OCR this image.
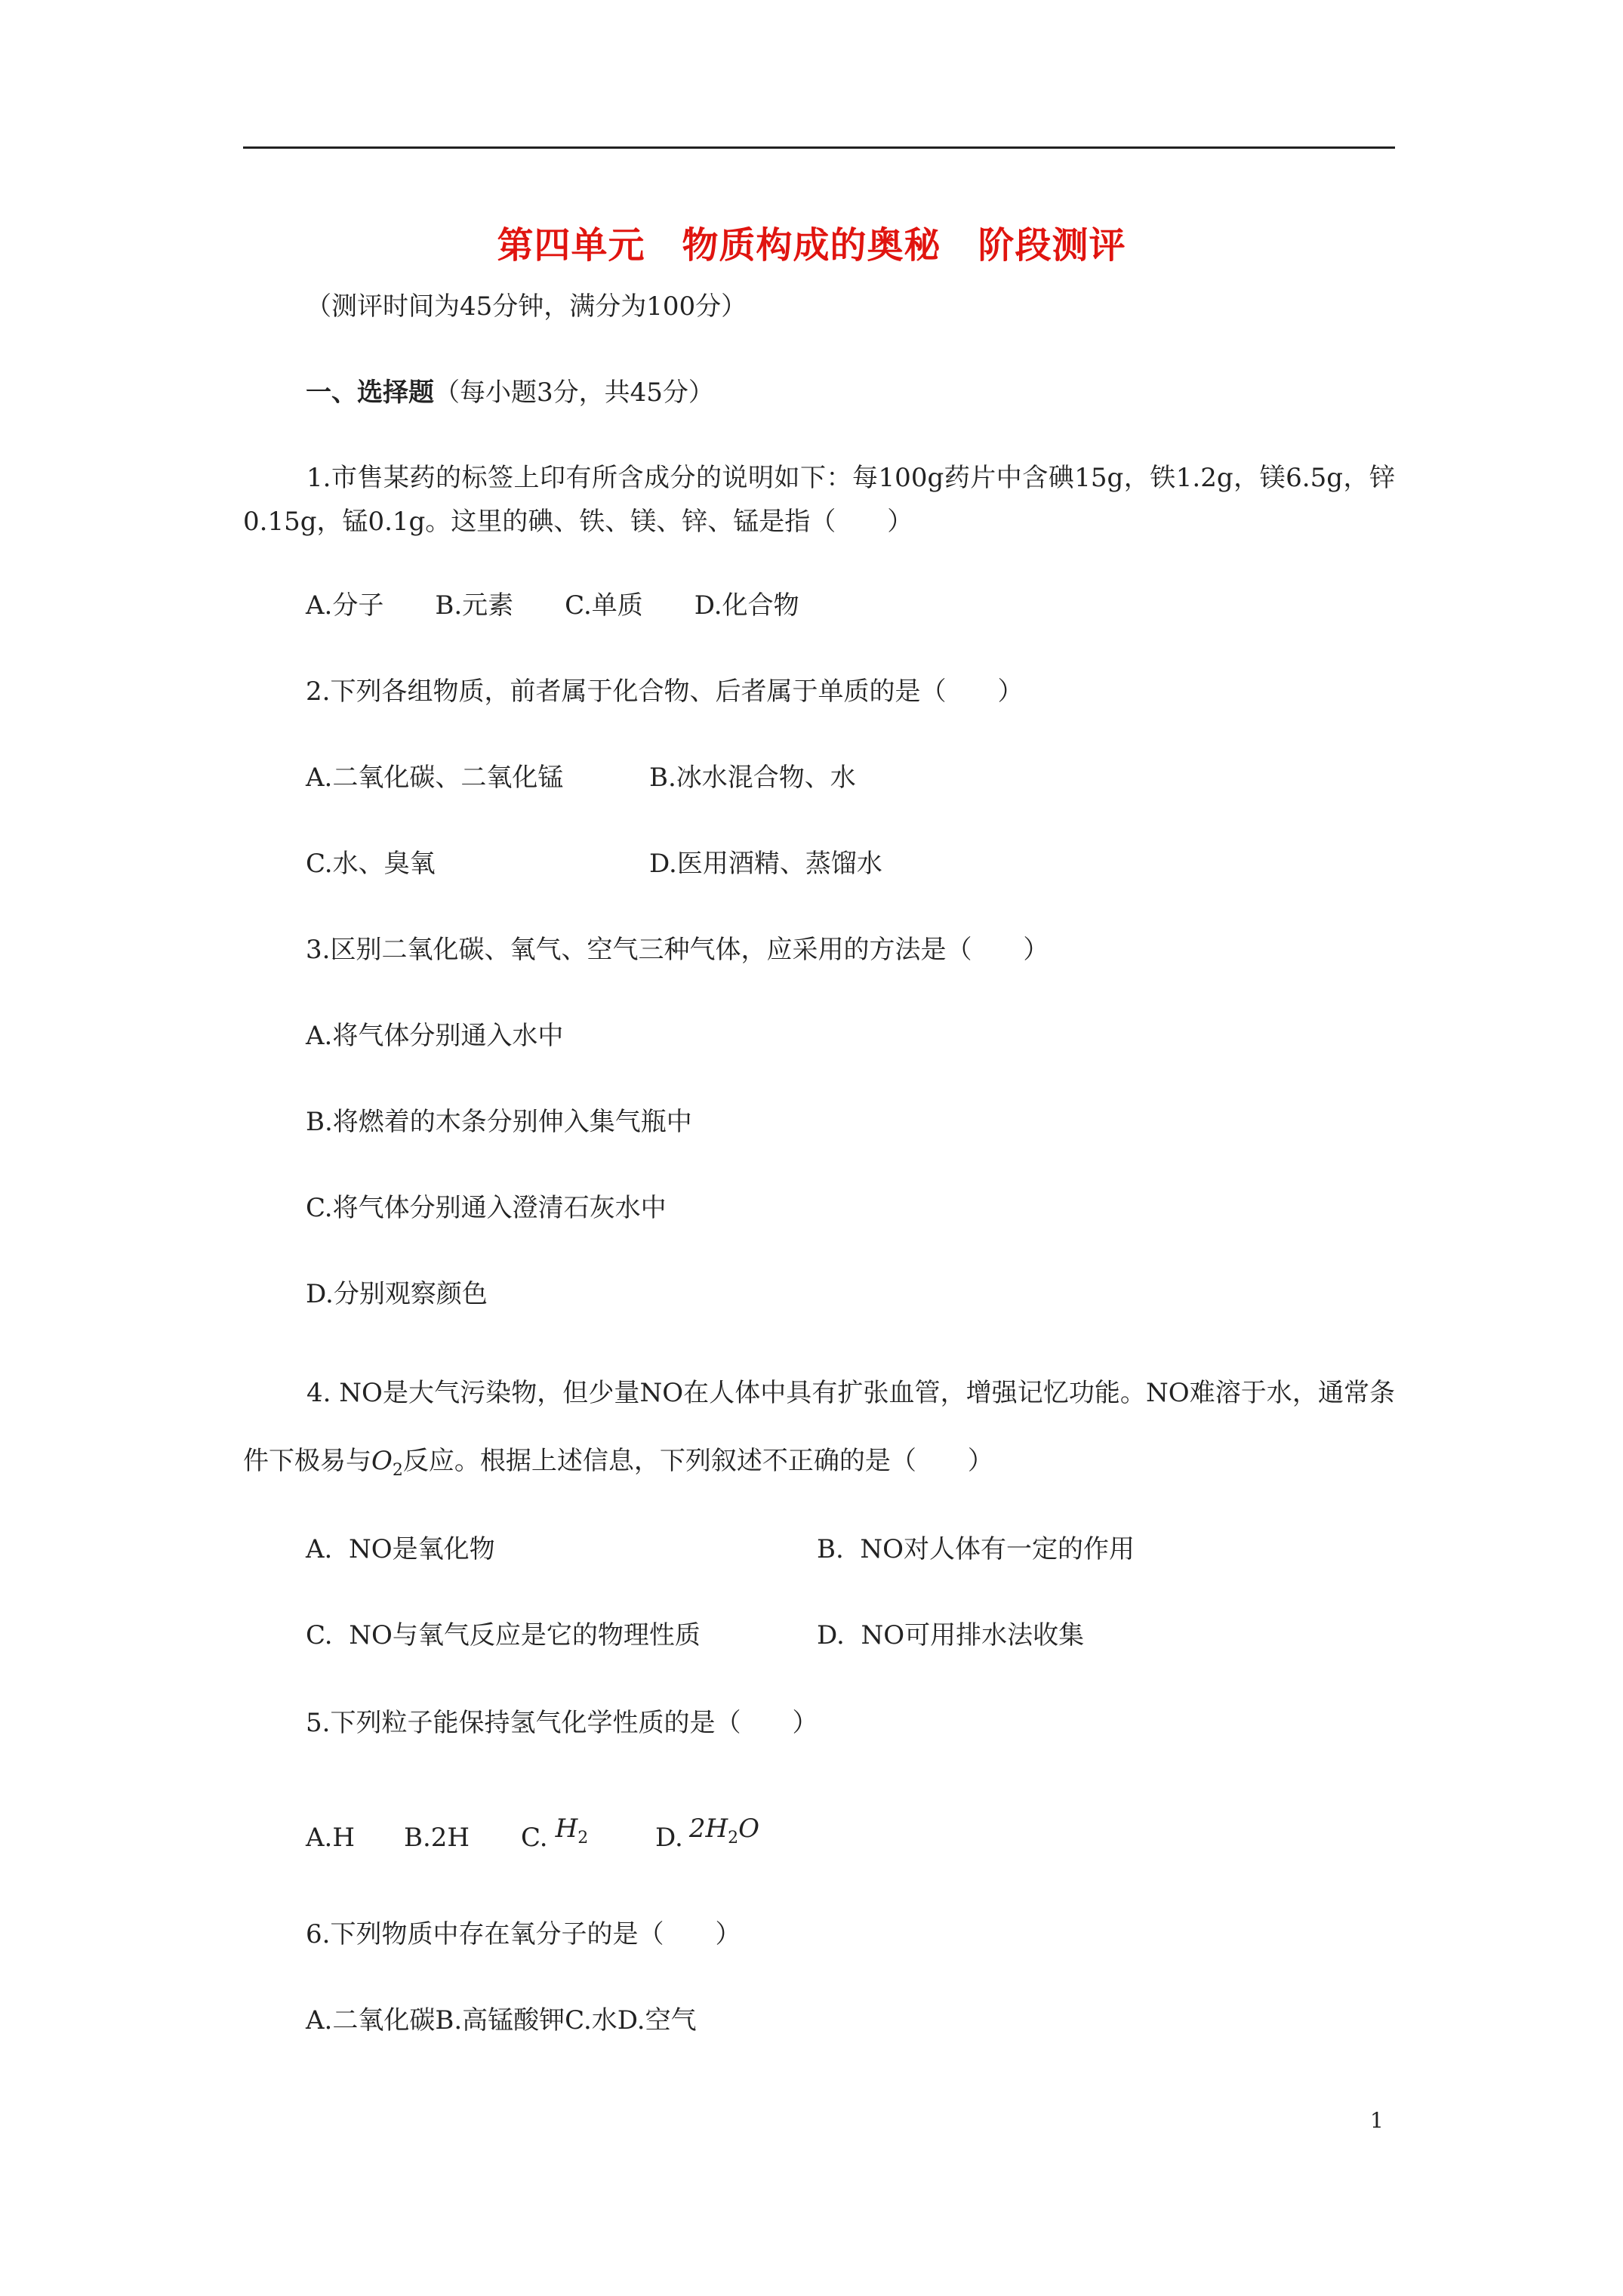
第四单元　物质构成的奥秘　阶段测评
（测评时间为45分钟，满分为100分）
一、选择题（每小题3分，共45分）
1.市售某药的标签上印有所含成分的说明如下：每100g药片中含碘15g，铁1.2g，镁6.5g，锌0.15g，锰0.1g。这里的碘、铁、镁、锌、锰是指（　　）
A.分子　　B.元素　　C.单质　　D.化合物
2.下列各组物质，前者属于化合物、后者属于单质的是（　　）
A.二氧化碳、二氧化锰	B.冰水混合物、水
C.水、臭氧	D.医用酒精、蒸馏水
3.区别二氧化碳、氧气、空气三种气体，应采用的方法是（　　）
A.将气体分别通入水中
B.将燃着的木条分别伸入集气瓶中
C.将气体分别通入澄清石灰水中
D.分别观察颜色
4. NO是大气污染物，但少量NO在人体中具有扩张血管，增强记忆功能。NO难溶于水，通常条件下极易与$O_2$反应。根据上述信息，下列叙述不正确的是（　　）
A.  NO是氧化物	B.  NO对人体有一定的作用
C.  NO与氧气反应是它的物理性质	D.  NO可用排水法收集
5.下列粒子能保持氢气化学性质的是（　　）
A.H B.2H C. $H_2$	D. $2H_2O$
6.下列物质中存在氧分子的是（　　）
A.二氧化碳B.高锰酸钾C.水D.空气
1
